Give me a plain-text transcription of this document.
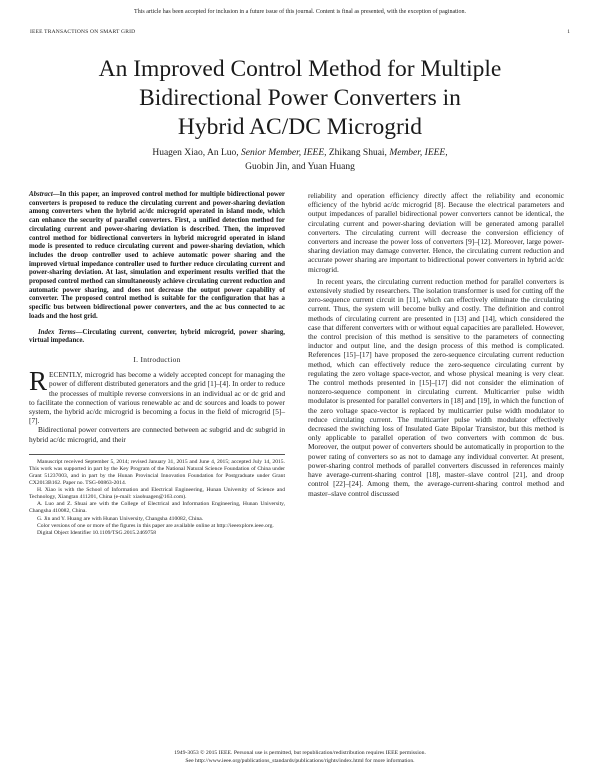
This article has been accepted for inclusion in a future issue of this journal. Content is final as presented, with the exception of pagination.
IEEE TRANSACTIONS ON SMART GRID	1
An Improved Control Method for Multiple
Bidirectional Power Converters in
Hybrid AC/DC Microgrid
Huagen Xiao, An Luo, Senior Member, IEEE, Zhikang Shuai, Member, IEEE,
Guobin Jin, and Yuan Huang

Abstract—In this paper, an improved control method for multiple bidirectional power converters is proposed to reduce the circulating current and power-sharing deviation among converters when the hybrid ac/dc microgrid operated in island mode, which can enhance the security of parallel converters. First, a unified detection method for circulating current and power-sharing deviation is described. Then, the improved control method for bidirectional converters in hybrid microgrid operated in island mode is presented to reduce circulating current and power-sharing deviation, which includes the droop controller used to achieve automatic power sharing and the improved virtual impedance controller used to further reduce circulating current and power-sharing deviation. At last, simulation and experiment results verified that the proposed control method can simultaneously achieve circulating current reduction and automatic power sharing, and does not decrease the output power capability of converter. The proposed control method is suitable for the configuration that has a specific bus between bidirectional power converters, and the ac bus connected to ac loads and the host grid.

Index Terms—Circulating current, converter, hybrid microgrid, power sharing, virtual impedance.

I. Introduction

RECENTLY, microgrid has become a widely accepted concept for managing the power of different distributed generators and the grid [1]–[4]. In order to reduce the processes of multiple reverse conversions in an individual ac or dc grid and to facilitate the connection of various renewable ac and dc sources and loads to power system, the hybrid ac/dc microgrid is becoming a focus in the field of microgrid [5]–[7].

Bidirectional power converters are connected between ac subgrid and dc subgrid in hybrid ac/dc microgrid, and their

Manuscript received September 5, 2014; revised January 31, 2015 and June 4, 2015; accepted July 14, 2015. This work was supported in part by the Key Program of the National Natural Science Foundation of China under Grant 51237003, and in part by the Hunan Provincial Innovation Foundation for Postgraduate under Grant CX2013B162. Paper no. TSG-00863-2014.

H. Xiao is with the School of Information and Electrical Engineering, Hunan University of Science and Technology, Xiangtan 411201, China (e-mail: xiaohuagen@163.com).

A. Luo and Z. Shuai are with the College of Electrical and Information Engineering, Hunan University, Changsha 410082, China.

G. Jin and Y. Huang are with Hunan University, Changsha 410082, China.

Color versions of one or more of the figures in this paper are available online at http://ieeexplore.ieee.org.

Digital Object Identifier 10.1109/TSG.2015.2469758

reliability and operation efficiency directly affect the reliability and economic efficiency of the hybrid ac/dc microgrid [8]. Because the electrical parameters and output impedances of parallel bidirectional power converters cannot be identical, the circulating current and power-sharing deviation will be generated among parallel converters. The circulating current will decrease the conversion efficiency of converters and increase the power loss of converters [9]–[12]. Moreover, large power-sharing deviation may damage converter. Hence, the circulating current reduction and accurate power sharing are important to bidirectional power converters in hybrid ac/dc microgrid.

In recent years, the circulating current reduction method for parallel converters is extensively studied by researchers. The isolation transformer is used for cutting off the zero-sequence current circuit in [11], which can effectively eliminate the circulating current. Thus, the system will become bulky and costly. The definition and control methods of circulating current are presented in [13] and [14], which considered the case that different converters with or without equal capacities are paralleled. However, the control precision of this method is sensitive to the parameters of connecting inductor and output line, and the design process of this method is complicated. References [15]–[17] have proposed the zero-sequence circulating current reduction method, which can effectively reduce the zero-sequence circulating current by regulating the zero voltage space-vector, and whose physical meaning is very clear. The control methods presented in [15]–[17] did not consider the elimination of nonzero-sequence component in circulating current. Multicarrier pulse width modulator is presented for parallel converters in [18] and [19], in which the function of the zero voltage space-vector is replaced by multicarrier pulse width modulator to reduce circulating current. The multicarrier pulse width modulator effectively decreased the switching loss of Insulated Gate Bipolar Transistor, but this method is only applicable to parallel operation of two converters with common dc bus. Moreover, the output power of converters should be automatically in proportion to the power rating of converters so as not to damage any individual converter. At present, power-sharing control methods of parallel converters discussed in references mainly have average-current-sharing control [18], master–slave control [21], and droop control [22]–[24]. Among them, the average-current-sharing control method and master–slave control discussed

1949-3053 © 2015 IEEE. Personal use is permitted, but republication/redistribution requires IEEE permission.
See http://www.ieee.org/publications_standards/publications/rights/index.html for more information.
